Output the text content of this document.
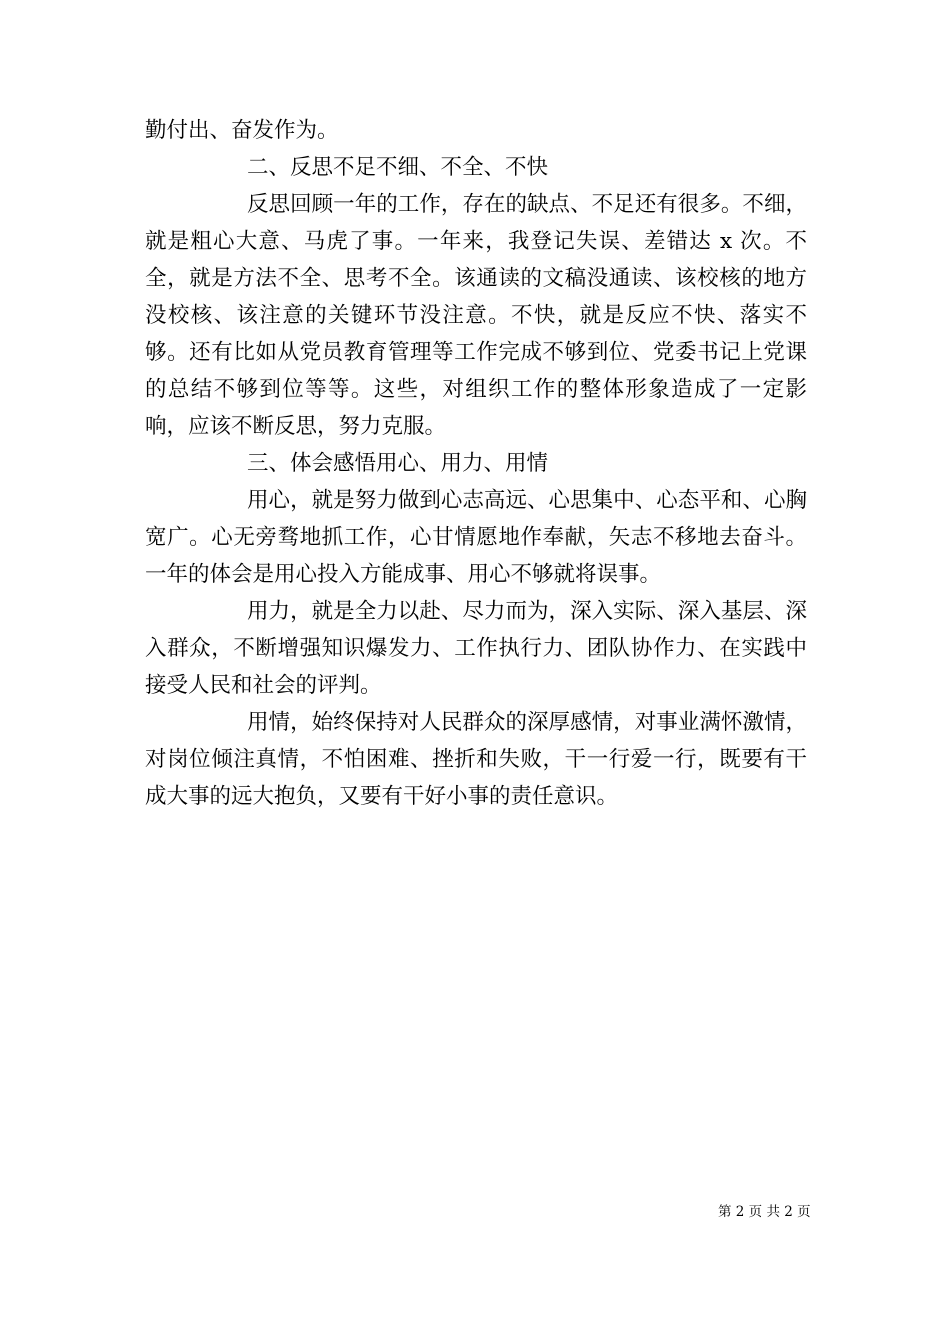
勤付出、奋发作为。

二、反思不足不细、不全、不快

反思回顾一年的工作，存在的缺点、不足还有很多。不细，就是粗心大意、马虎了事。一年来，我登记失误、差错达 x 次。不全，就是方法不全、思考不全。该通读的文稿没通读、该校核的地方没校核、该注意的关键环节没注意。不快，就是反应不快、落实不够。还有比如从党员教育管理等工作完成不够到位、党委书记上党课的总结不够到位等等。这些，对组织工作的整体形象造成了一定影响，应该不断反思，努力克服。

三、体会感悟用心、用力、用情

用心，就是努力做到心志高远、心思集中、心态平和、心胸宽广。心无旁骛地抓工作，心甘情愿地作奉献，矢志不移地去奋斗。一年的体会是用心投入方能成事、用心不够就将误事。

用力，就是全力以赴、尽力而为，深入实际、深入基层、深入群众，不断增强知识爆发力、工作执行力、团队协作力、在实践中接受人民和社会的评判。

用情，始终保持对人民群众的深厚感情，对事业满怀激情，对岗位倾注真情，不怕困难、挫折和失败，干一行爱一行，既要有干成大事的远大抱负，又要有干好小事的责任意识。

第 2 页 共 2 页
